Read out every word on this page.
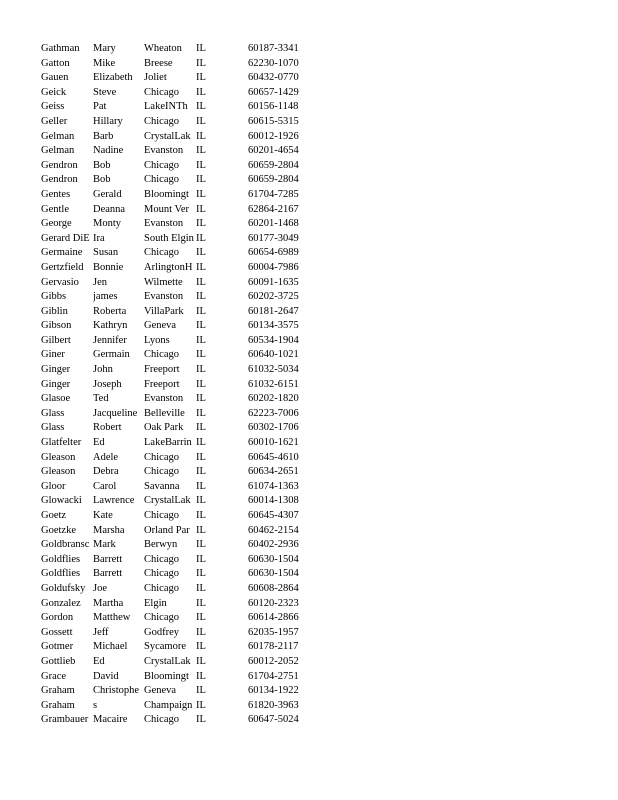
Gathman	Mary	Wheaton	IL	60187-3341
Gatton	Mike	Breese	IL	62230-1070
Gauen	Elizabeth	Joliet	IL	60432-0770
Geick	Steve	Chicago	IL	60657-1429
Geiss	Pat	LakeINTh	IL	60156-1148
Geller	Hillary	Chicago	IL	60615-5315
Gelman	Barb	CrystalLak	IL	60012-1926
Gelman	Nadine	Evanston	IL	60201-4654
Gendron	Bob	Chicago	IL	60659-2804
Gendron	Bob	Chicago	IL	60659-2804
Gentes	Gerald	Bloomingt	IL	61704-7285
Gentle	Deanna	Mount Ver	IL	62864-2167
George	Monty	Evanston	IL	60201-1468
Gerard DiE	Ira	South Elgin	IL	60177-3049
Germaine	Susan	Chicago	IL	60654-6989
Gertzfield	Bonnie	ArlingtonH	IL	60004-7986
Gervasio	Jen	Wilmette	IL	60091-1635
Gibbs	james	Evanston	IL	60202-3725
Giblin	Roberta	VillaPark	IL	60181-2647
Gibson	Kathryn	Geneva	IL	60134-3575
Gilbert	Jennifer	Lyons	IL	60534-1904
Giner	Germain	Chicago	IL	60640-1021
Ginger	John	Freeport	IL	61032-5034
Ginger	Joseph	Freeport	IL	61032-6151
Glasoe	Ted	Evanston	IL	60202-1820
Glass	Jacqueline	Belleville	IL	62223-7006
Glass	Robert	Oak Park	IL	60302-1706
Glatfelter	Ed	LakeBarrin	IL	60010-1621
Gleason	Adele	Chicago	IL	60645-4610
Gleason	Debra	Chicago	IL	60634-2651
Gloor	Carol	Savanna	IL	61074-1363
Glowacki	Lawrence	CrystalLak	IL	60014-1308
Goetz	Kate	Chicago	IL	60645-4307
Goetzke	Marsha	Orland Par	IL	60462-2154
Goldbransc	Mark	Berwyn	IL	60402-2936
Goldflies	Barrett	Chicago	IL	60630-1504
Goldflies	Barrett	Chicago	IL	60630-1504
Goldufsky	Joe	Chicago	IL	60608-2864
Gonzalez	Martha	Elgin	IL	60120-2323
Gordon	Matthew	Chicago	IL	60614-2866
Gossett	Jeff	Godfrey	IL	62035-1957
Gotmer	Michael	Sycamore	IL	60178-2117
Gottlieb	Ed	CrystalLak	IL	60012-2052
Grace	David	Bloomingt	IL	61704-2751
Graham	Christophe	Geneva	IL	60134-1922
Graham	s	Champaign	IL	61820-3963
Grambauer	Macaire	Chicago	IL	60647-5024
